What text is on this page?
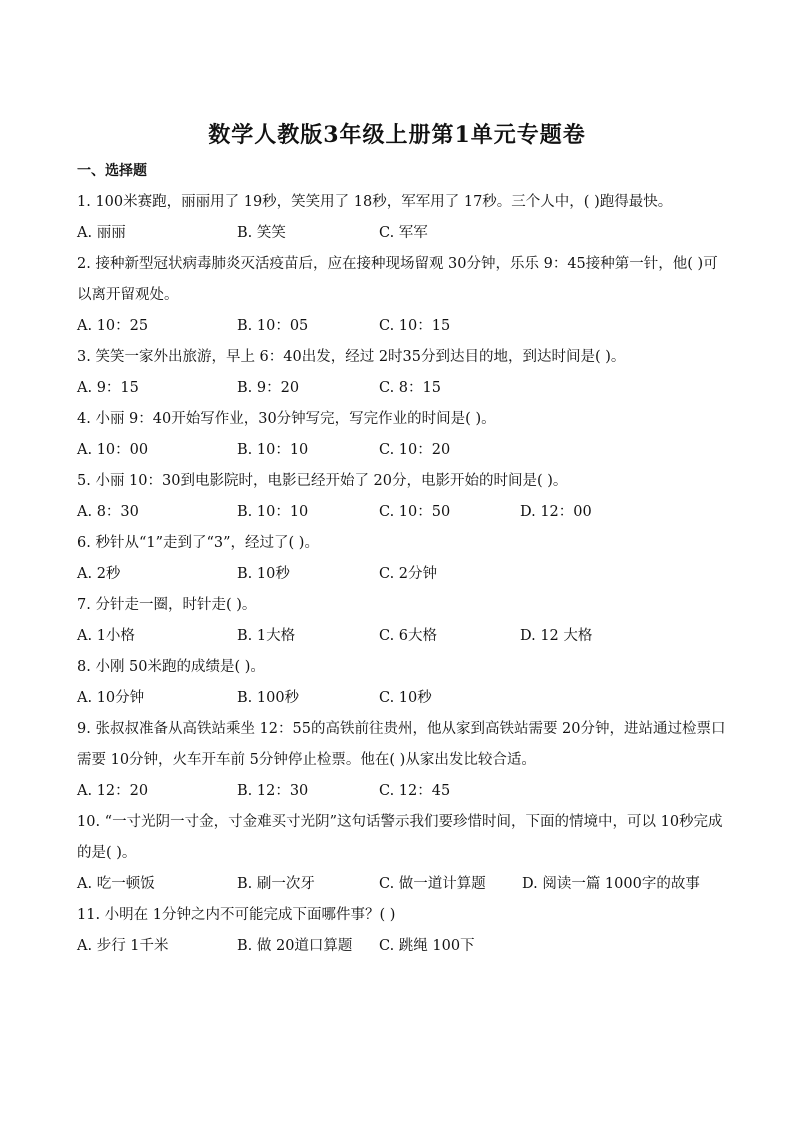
数学人教版3年级上册第1单元专题卷
一、选择题
1. 100米赛跑，丽丽用了 19秒，笑笑用了 18秒，军军用了 17秒。三个人中，( )跑得最快。
A. 丽丽	B. 笑笑	C. 军军
2. 接种新型冠状病毒肺炎灭活疫苗后，应在接种现场留观 30分钟，乐乐 9：45接种第一针，他( )可以离开留观处。
A. 10：25	B. 10：05	C. 10：15
3. 笑笑一家外出旅游，早上 6：40出发，经过 2时35分到达目的地，到达时间是( )。
A. 9：15	B. 9：20	C. 8：15
4. 小丽 9：40开始写作业，30分钟写完，写完作业的时间是( )。
A. 10：00	B. 10：10	C. 10：20
5. 小丽 10：30到电影院时，电影已经开始了 20分，电影开始的时间是( )。
A. 8：30	B. 10：10	C. 10：50	D. 12：00
6. 秒针从“1”走到了“3”，经过了( )。
A. 2秒	B. 10秒	C. 2分钟
7. 分针走一圈，时针走( )。
A. 1小格	B. 1大格	C. 6大格	D. 12 大格
8. 小刚 50米跑的成绩是( )。
A. 10分钟	B. 100秒	C. 10秒
9. 张叔叔准备从高铁站乘坐 12：55的高铁前往贵州，他从家到高铁站需要 20分钟，进站通过检票口需要 10分钟，火车开车前 5分钟停止检票。他在( )从家出发比较合适。
A. 12：20	B. 12：30	C. 12：45
10. “一寸光阴一寸金，寸金难买寸光阴”这句话警示我们要珍惜时间，下面的情境中，可以 10秒完成的是( )。
A. 吃一顿饭	B. 刷一次牙	C. 做一道计算题	D. 阅读一篇 1000字的故事
11. 小明在 1分钟之内不可能完成下面哪件事？( )
A. 步行 1千米	B. 做 20道口算题	C. 跳绳 100下
